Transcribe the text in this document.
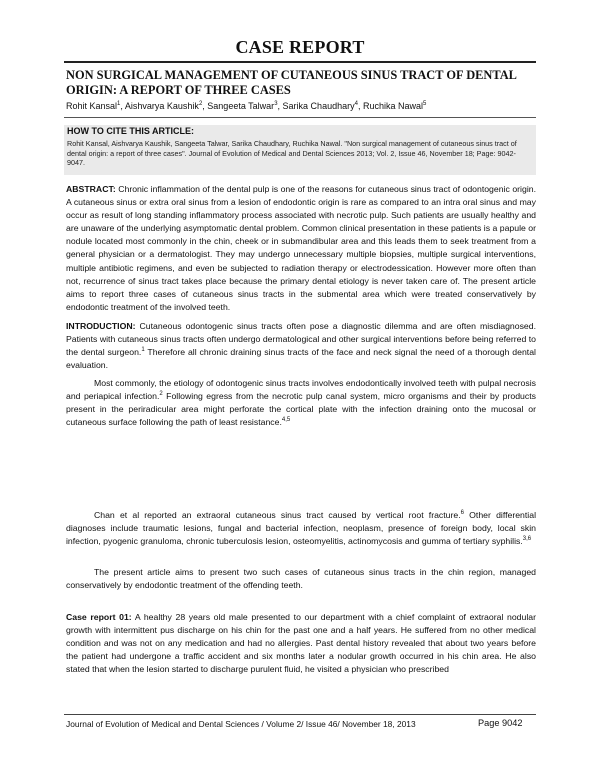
CASE REPORT
NON SURGICAL MANAGEMENT OF CUTANEOUS SINUS TRACT OF DENTAL ORIGIN: A REPORT OF THREE CASES
Rohit Kansal$^1$, Aishvarya Kaushik$^2$, Sangeeta Talwar$^3$, Sarika Chaudhary$^4$, Ruchika Nawal$^5$
HOW TO CITE THIS ARTICLE:
Rohit Kansal, Aishvarya Kaushik, Sangeeta Talwar, Sarika Chaudhary, Ruchika Nawal. "Non surgical management of cutaneous sinus tract of dental origin: a report of three cases". Journal of Evolution of Medical and Dental Sciences 2013; Vol. 2, Issue 46, November 18; Page: 9042-9047.
ABSTRACT: Chronic inflammation of the dental pulp is one of the reasons for cutaneous sinus tract of odontogenic origin. A cutaneous sinus or extra oral sinus from a lesion of endodontic origin is rare as compared to an intra oral sinus and may occur as result of long standing inflammatory process associated with necrotic pulp. Such patients are usually healthy and are unaware of the underlying asymptomatic dental problem. Common clinical presentation in these patients is a papule or nodule located most commonly in the chin, cheek or in submandibular area and this leads them to seek treatment from a general physician or a dermatologist. They may undergo unnecessary multiple biopsies, multiple surgical interventions, multiple antibiotic regimens, and even be subjected to radiation therapy or electrodessication. However more often than not, recurrence of sinus tract takes place because the primary dental etiology is never taken care of. The present article aims to report three cases of cutaneous sinus tracts in the submental area which were treated conservatively by endodontic treatment of the involved teeth.
INTRODUCTION: Cutaneous odontogenic sinus tracts often pose a diagnostic dilemma and are often misdiagnosed. Patients with cutaneous sinus tracts often undergo dermatological and other surgical interventions before being referred to the dental surgeon.$^1$ Therefore all chronic draining sinus tracts of the face and neck signal the need of a thorough dental evaluation.
Most commonly, the etiology of odontogenic sinus tracts involves endodontically involved teeth with pulpal necrosis and periapical infection.$^2$ Following egress from the necrotic pulp canal system, micro organisms and their by products present in the periradicular area might perforate the cortical plate with the infection draining onto the mucosal or cutaneous surface following the path of least resistance.$^{4,5}$
Chan et al reported an extraoral cutaneous sinus tract caused by vertical root fracture.$^6$ Other differential diagnoses include traumatic lesions, fungal and bacterial infection, neoplasm, presence of foreign body, local skin infection, pyogenic granuloma, chronic tuberculosis lesion, osteomyelitis, actinomycosis and gumma of tertiary syphilis.$^{3,6}$
The present article aims to present two such cases of cutaneous sinus tracts in the chin region, managed conservatively by endodontic treatment of the offending teeth.
Case report 01: A healthy 28 years old male presented to our department with a chief complaint of extraoral nodular growth with intermittent pus discharge on his chin for the past one and a half years. He suffered from no other medical condition and was not on any medication and had no allergies. Past dental history revealed that about two years before the patient had undergone a traffic accident and six months later a nodular growth occurred in his chin area. He also stated that when the lesion started to discharge purulent fluid, he visited a physician who prescribed
Journal of Evolution of Medical and Dental Sciences / Volume 2/ Issue 46/ November 18, 2013	Page 9042
